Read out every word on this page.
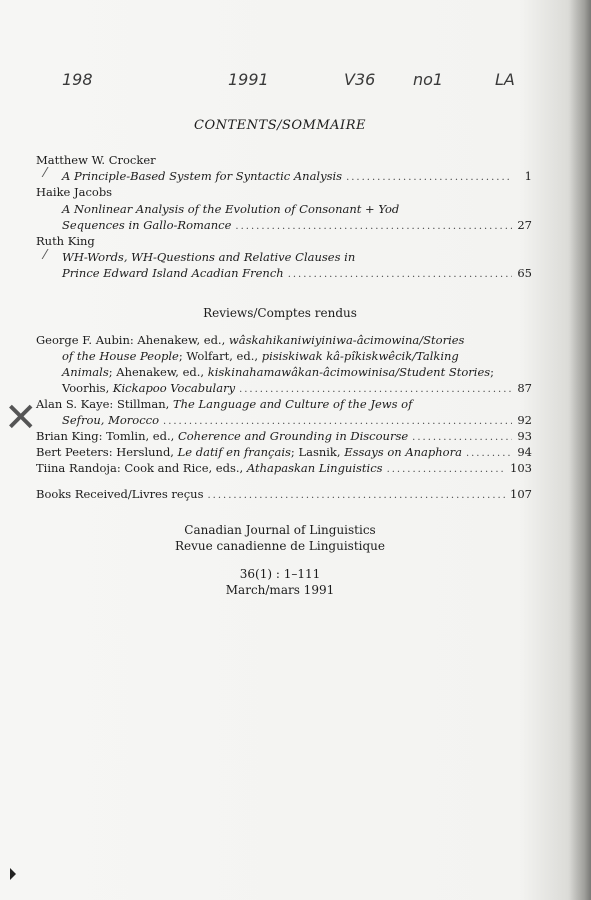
198	1991	V36 no1	LA
CONTENTS/SOMMAIRE
Matthew W. Crocker
⁄ A Principle-Based System for Syntactic Analysis .....	1
Haike Jacobs
A Nonlinear Analysis of the Evolution of Consonant + Yod
Sequences in Gallo-Romance .....	27
Ruth King
⁄ WH-Words, WH-Questions and Relative Clauses in
Prince Edward Island Acadian French .....	65
Reviews/Comptes rendus
George F. Aubin: Ahenakew, ed., wâskahikaniwiyiniwa-âcimowina/Stories
of the House People; Wolfart, ed., pisiskiwak kâ-pîkiskwêcik/Talking
Animals; Ahenakew, ed., kiskinahamawâkan-âcimowinisa/Student Stories;
Voorhis, Kickapoo Vocabulary .....	87
✕
Alan S. Kaye: Stillman, The Language and Culture of the Jews of
Sefrou, Morocco .....	92
Brian King: Tomlin, ed., Coherence and Grounding in Discourse .....	93
Bert Peeters: Herslund, Le datif en français; Lasnik, Essays on Anaphora .....	94
Tiina Randoja: Cook and Rice, eds., Athapaskan Linguistics .....	103
Books Received/Livres reçus .....	107
Canadian Journal of Linguistics
Revue canadienne de Linguistique
36(1) : 1–111
March/mars 1991
